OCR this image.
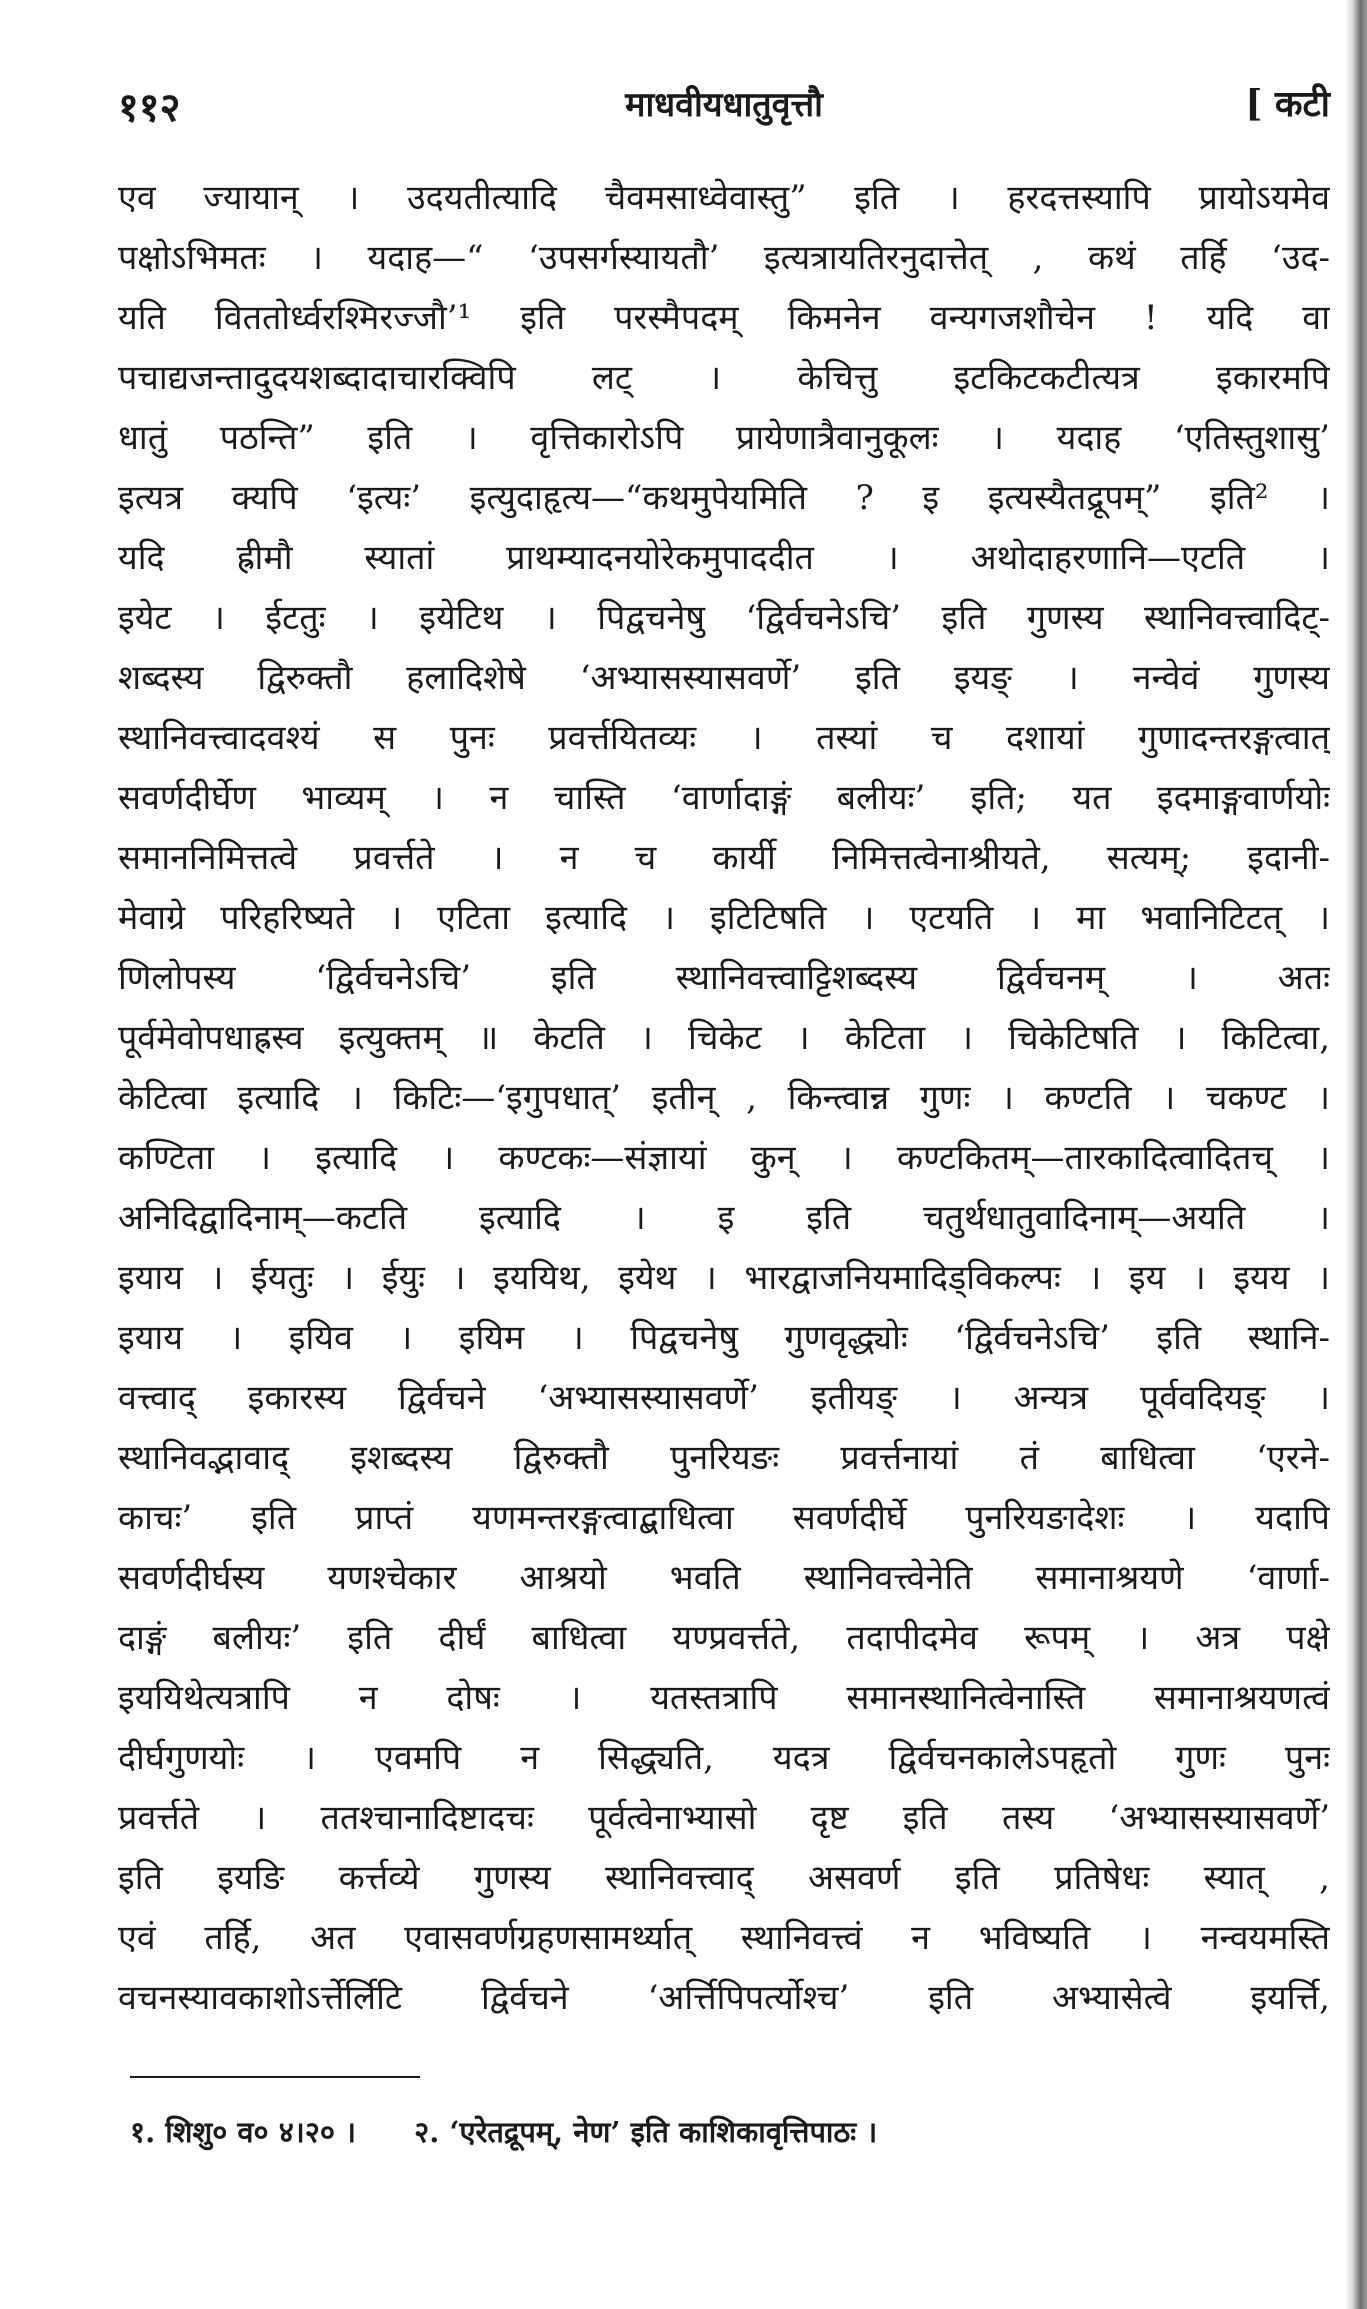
११२	माधवीयधातुवृत्तौ	[ कटी

एव ज्यायान् । उदयतीत्यादि चैवमसाध्वेवास्तु” इति । हरदत्तस्यापि प्रायोऽयमेव

पक्षोऽभिमतः । यदाह—“ ‘उपसर्गस्यायतौ’ इत्यत्रायतिरनुदात्तेत् , कथं तर्हि ‘उद-

यति विततोर्ध्वरश्मिरज्जौ’¹ इति परस्मैपदम् किमनेन वन्यगजशौचेन ! यदि वा

पचाद्यजन्तादुदयशब्दादाचारक्विपि लट् । केचित्तु इटकिटकटीत्यत्र इकारमपि

धातुं पठन्ति” इति । वृत्तिकारोऽपि प्रायेणात्रैवानुकूलः । यदाह ‘एतिस्तुशासु’

इत्यत्र क्यपि ‘इत्यः’ इत्युदाहृत्य—“कथमुपेयमिति ? इ इत्यस्यैतद्रूपम्” इति² ।

यदि ह्रीमौ स्यातां प्राथम्यादनयोरेकमुपाददीत । अथोदाहरणानि—एटति ।

इयेट । ईटतुः । इयेटिथ । पिद्वचनेषु ‘द्विर्वचनेऽचि’ इति गुणस्य स्थानिवत्त्वादिट्-

शब्दस्य द्विरुक्तौ हलादिशेषे ‘अभ्यासस्यासवर्णे’ इति इयङ् । नन्वेवं गुणस्य

स्थानिवत्त्वादवश्यं स पुनः प्रवर्त्तयितव्यः । तस्यां च दशायां गुणादन्तरङ्गत्वात्

सवर्णदीर्घेण भाव्यम् । न चास्ति ‘वार्णादाङ्गं बलीयः’ इति; यत इदमाङ्गवार्णयोः

समाननिमित्तत्वे प्रवर्त्तते । न च कार्यी निमित्तत्वेनाश्रीयते, सत्यम्; इदानी-

मेवाग्रे परिहरिष्यते । एटिता इत्यादि । इटिटिषति । एटयति । मा भवानिटिटत् ।

णिलोपस्य ‘द्विर्वचनेऽचि’ इति स्थानिवत्त्वाट्टिशब्दस्य द्विर्वचनम् । अतः

पूर्वमेवोपधाह्रस्व इत्युक्तम् ॥ केटति । चिकेट । केटिता । चिकेटिषति । किटित्वा,

केटित्वा इत्यादि । किटिः—‘इगुपधात्’ इतीन् , किन्त्वान्न गुणः । कण्टति । चकण्ट ।

कण्टिता । इत्यादि । कण्टकः—संज्ञायां कुन् । कण्टकितम्—तारकादित्वादितच् ।

अनिदिद्वादिनाम्—कटति इत्यादि । इ इति चतुर्थधातुवादिनाम्—अयति ।

इयाय । ईयतुः । ईयुः । इययिथ, इयेथ । भारद्वाजनियमादिड्विकल्पः । इय । इयय ।

इयाय । इयिव । इयिम । पिद्वचनेषु गुणवृद्ध्योः ‘द्विर्वचनेऽचि’ इति स्थानि-

वत्त्वाद् इकारस्य द्विर्वचने ‘अभ्यासस्यासवर्णे’ इतीयङ् । अन्यत्र पूर्ववदियङ् ।

स्थानिवद्भावाद् इशब्दस्य द्विरुक्तौ पुनरियङः प्रवर्त्तनायां तं बाधित्वा ‘एरने-

काचः’ इति प्राप्तं यणमन्तरङ्गत्वाद्बाधित्वा सवर्णदीर्घे पुनरियङादेशः । यदापि

सवर्णदीर्घस्य यणश्चेकार आश्रयो भवति स्थानिवत्त्वेनेति समानाश्रयणे ‘वार्णा-

दाङ्गं बलीयः’ इति दीर्घं बाधित्वा यण्प्रवर्त्तते, तदापीदमेव रूपम् । अत्र पक्षे

इययिथेत्यत्रापि न दोषः । यतस्तत्रापि समानस्थानित्वेनास्ति समानाश्रयणत्वं

दीर्घगुणयोः । एवमपि न सिद्ध्यति, यदत्र द्विर्वचनकालेऽपहृतो गुणः पुनः

प्रवर्त्तते । ततश्चानादिष्टादचः पूर्वत्वेनाभ्यासो दृष्ट इति तस्य ‘अभ्यासस्यासवर्णे’

इति इयङि कर्त्तव्ये गुणस्य स्थानिवत्त्वाद् असवर्ण इति प्रतिषेधः स्यात् ,

एवं तर्हि, अत एवासवर्णग्रहणसामर्थ्यात् स्थानिवत्त्वं न भविष्यति । नन्वयमस्ति

वचनस्यावकाशोऽर्त्तेर्लिटि द्विर्वचने ‘अर्त्तिपिपर्त्योश्च’ इति अभ्यासेत्वे इयर्त्ति,

१. शिशु० व० ४।२० । २. ‘एरेतद्रूपम्, नेण’ इति काशिकावृत्तिपाठः ।
